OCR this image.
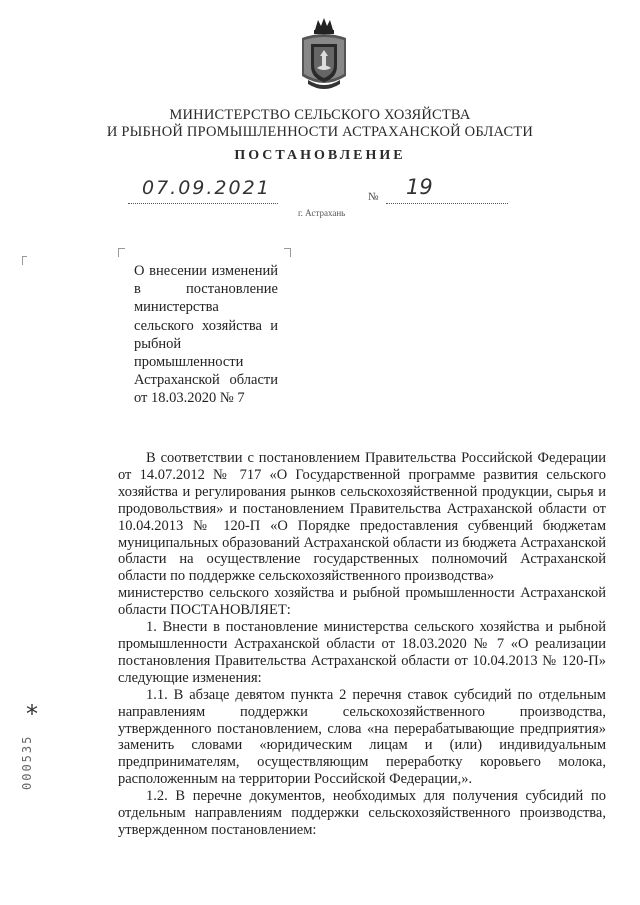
МИНИСТЕРСТВО СЕЛЬСКОГО ХОЗЯЙСТВА
И РЫБНОЙ ПРОМЫШЛЕННОСТИ АСТРАХАНСКОЙ ОБЛАСТИ
ПОСТАНОВЛЕНИЕ
07.09.2021	№ 19
г. Астрахань
О внесении изменений в постановление министерства сельского хозяйства и рыбной промышленности Астраханской области от 18.03.2020 № 7

В соответствии с постановлением Правительства Российской Федерации от 14.07.2012 № 717 «О Государственной программе развития сельского хозяйства и регулирования рынков сельскохозяйственной продукции, сырья и продовольствия» и постановлением Правительства Астраханской области от 10.04.2013 № 120-П «О Порядке предоставления субвенций бюджетам муниципальных образований Астраханской области из бюджета Астраханской области на осуществление государственных полномочий Астраханской области по поддержке сельскохозяйственного производства»

министерство сельского хозяйства и рыбной промышленности Астраханской области ПОСТАНОВЛЯЕТ:

1. Внести в постановление министерства сельского хозяйства и рыбной промышленности Астраханской области от 18.03.2020 № 7 «О реализации постановления Правительства Астраханской области от 10.04.2013 № 120-П» следующие изменения:

1.1. В абзаце девятом пункта 2 перечня ставок субсидий по отдельным направлениям поддержки сельскохозяйственного производства, утвержденного постановлением, слова «на перерабатывающие предприятия» заменить словами «юридическим лицам и (или) индивидуальным предпринимателям, осуществляющим переработку коровьего молока, расположенным на территории Российской Федерации,».

1.2. В перечне документов, необходимых для получения субсидий по отдельным направлениям поддержки сельскохозяйственного производства, утвержденном постановлением:

*
000535
